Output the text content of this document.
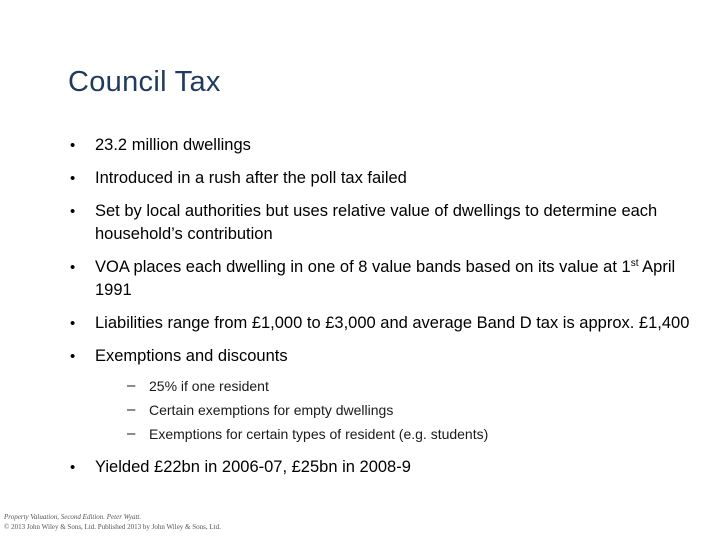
Council Tax
•	23.2 million dwellings
•	Introduced in a rush after the poll tax failed
•	Set by local authorities but uses relative value of dwellings to determine each household’s contribution
•	VOA places each dwelling in one of 8 value bands based on its value at 1st April 1991
•	Liabilities range from £1,000 to £3,000 and average Band D tax is approx. £1,400
•	Exemptions and discounts
– 25% if one resident
– Certain exemptions for empty dwellings
– Exemptions for certain types of resident (e.g. students)
•	Yielded £22bn in 2006-07, £25bn in 2008-9
Property Valuation, Second Edition. Peter Wyatt.
© 2013 John Wiley & Sons, Ltd. Published 2013 by John Wiley & Sons, Ltd.
